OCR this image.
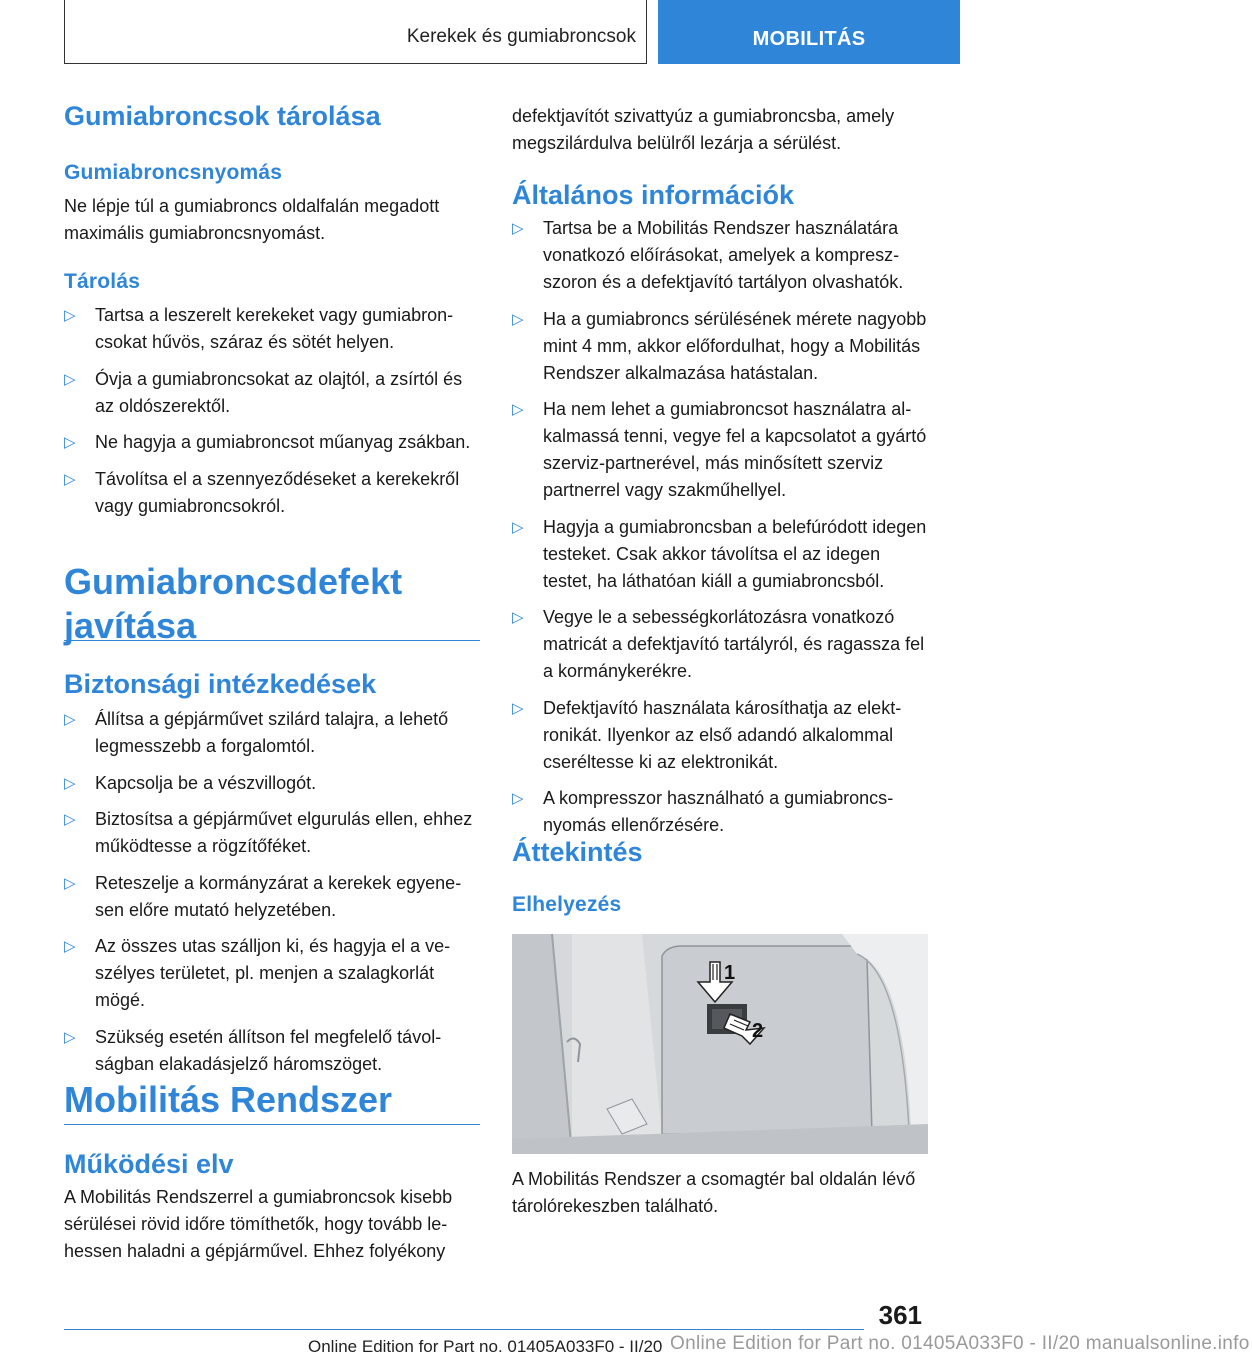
Kerekek és gumiabroncsok	MOBILITÁS
Gumiabroncsok tárolása
Gumiabroncsnyomás
Ne lépje túl a gumiabroncs oldalfalán megadott maximális gumiabroncsnyomást.
Tárolás
▷ Tartsa a leszerelt kerekeket vagy gumiabroncsokat hűvös, száraz és sötét helyen.
▷ Óvja a gumiabroncsokat az olajtól, a zsírtól és az oldószerektől.
▷ Ne hagyja a gumiabroncsot műanyag zsákban.
▷ Távolítsa el a szennyeződéseket a kerekekről vagy gumiabroncsokról.
Gumiabroncsdefekt javítása
Biztonsági intézkedések
▷ Állítsa a gépjárművet szilárd talajra, a lehető legmesszebb a forgalomtól.
▷ Kapcsolja be a vészvillogót.
▷ Biztosítsa a gépjárművet elgurulás ellen, ehhez működtesse a rögzítőféket.
▷ Reteszelje a kormányzárat a kerekek egyenesen előre mutató helyzetében.
▷ Az összes utas szálljon ki, és hagyja el a veszélyes területet, pl. menjen a szalagkorlát mögé.
▷ Szükség esetén állítson fel megfelelő távolságban elakadásjelző háromszöget.
Mobilitás Rendszer
Működési elv
A Mobilitás Rendszerrel a gumiabroncsok kisebb sérülései rövid időre tömíthetők, hogy tovább lehessen haladni a gépjárművel. Ehhez folyékony
defektjavítót szivattyúz a gumiabroncsba, amely megszilárdulva belülről lezárja a sérülést.
Általános információk
▷ Tartsa be a Mobilitás Rendszer használatára vonatkozó előírásokat, amelyek a kompreszszoron és a defektjavító tartályon olvashatók.
▷ Ha a gumiabroncs sérülésének mérete nagyobb mint 4 mm, akkor előfordulhat, hogy a Mobilitás Rendszer alkalmazása hatástalan.
▷ Ha nem lehet a gumiabroncsot használatra alkalmassá tenni, vegye fel a kapcsolatot a gyártó szerviz-partnerével, más minősített szerviz partnerrel vagy szakműhellyel.
▷ Hagyja a gumiabroncsban a belefúródott idegen testeket. Csak akkor távolítsa el az idegen testet, ha láthatóan kiáll a gumiabroncsból.
▷ Vegye le a sebességkorlátozásra vonatkozó matricát a defektjavító tartályról, és ragassza fel a kormánykerékre.
▷ Defektjavító használata károsíthatja az elektronikát. Ilyenkor az első adandó alkalommal cseréltesse ki az elektronikát.
▷ A kompresszor használható a gumiabroncsnyomás ellenőrzésére.
Áttekintés
Elhelyezés
1
2
A Mobilitás Rendszer a csomagtér bal oldalán lévő tárolórekeszben található.
361
Online Edition for Part no. 01405A033F0 - II/20 Online Edition for Part no. 01405A033F0 - II/20 manualsonline.info
